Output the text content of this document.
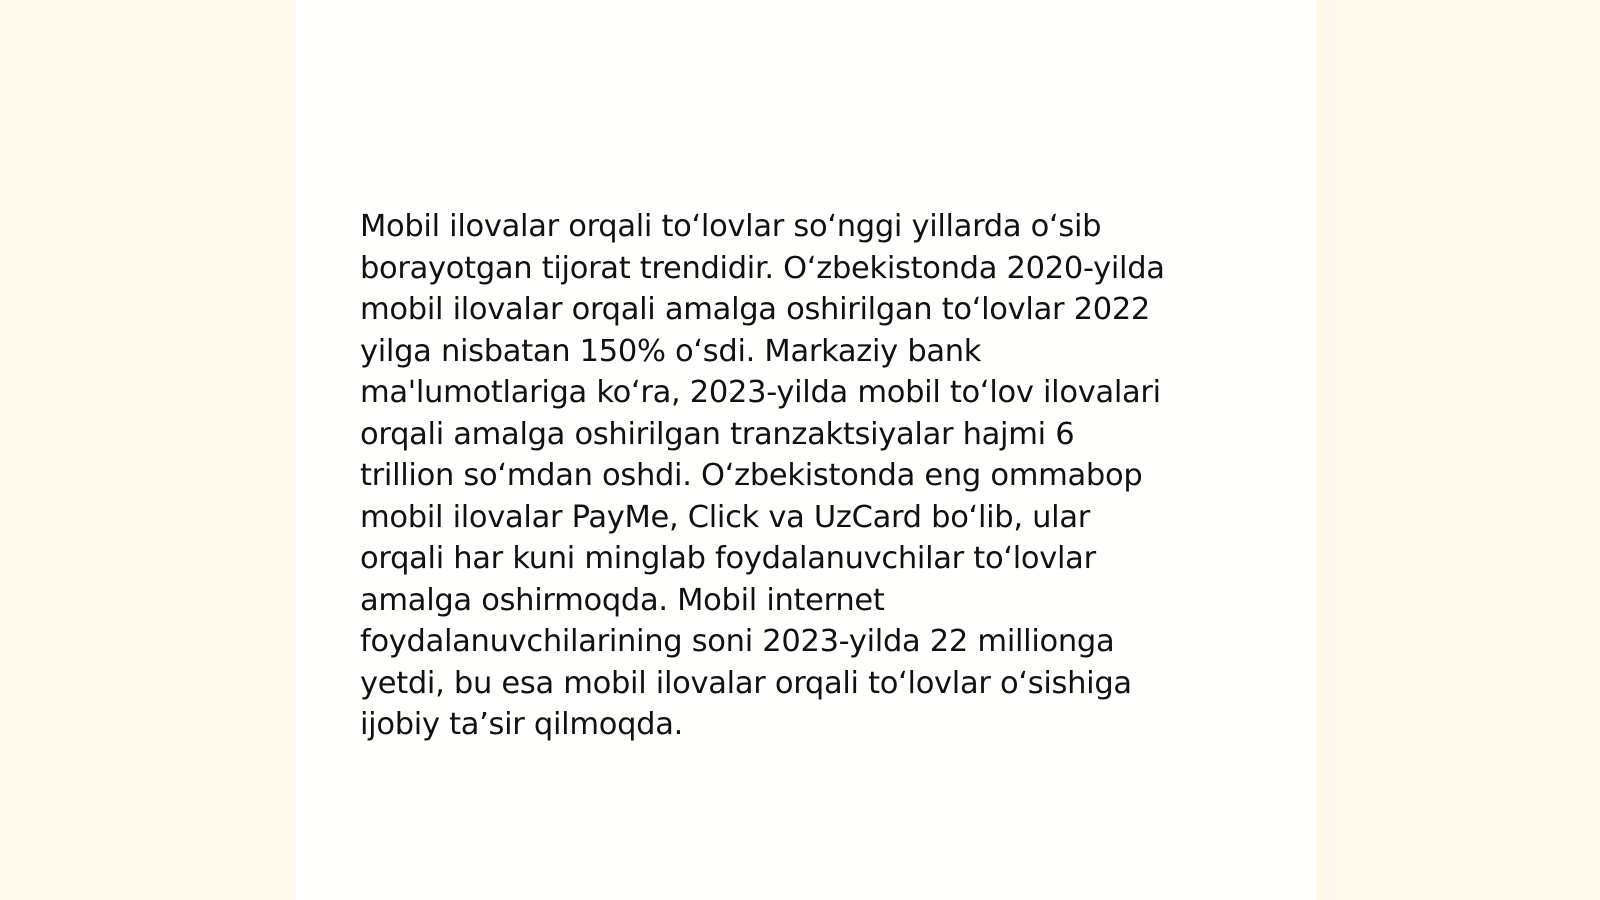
Mobil ilovalar orqali toʻlovlar soʻnggi yillarda oʻsib
borayotgan tijorat trendidir. Oʻzbekistonda 2020-yilda
mobil ilovalar orqali amalga oshirilgan toʻlovlar 2022
yilga nisbatan 150% oʻsdi. Markaziy bank
ma'lumotlariga koʻra, 2023-yilda mobil toʻlov ilovalari
orqali amalga oshirilgan tranzaktsiyalar hajmi 6
trillion soʻmdan oshdi. Oʻzbekistonda eng ommabop
mobil ilovalar PayMe, Click va UzCard boʻlib, ular
orqali har kuni minglab foydalanuvchilar toʻlovlar
amalga oshirmoqda. Mobil internet
foydalanuvchilarining soni 2023-yilda 22 millionga
yetdi, bu esa mobil ilovalar orqali toʻlovlar oʻsishiga
ijobiy taʼsir qilmoqda.
